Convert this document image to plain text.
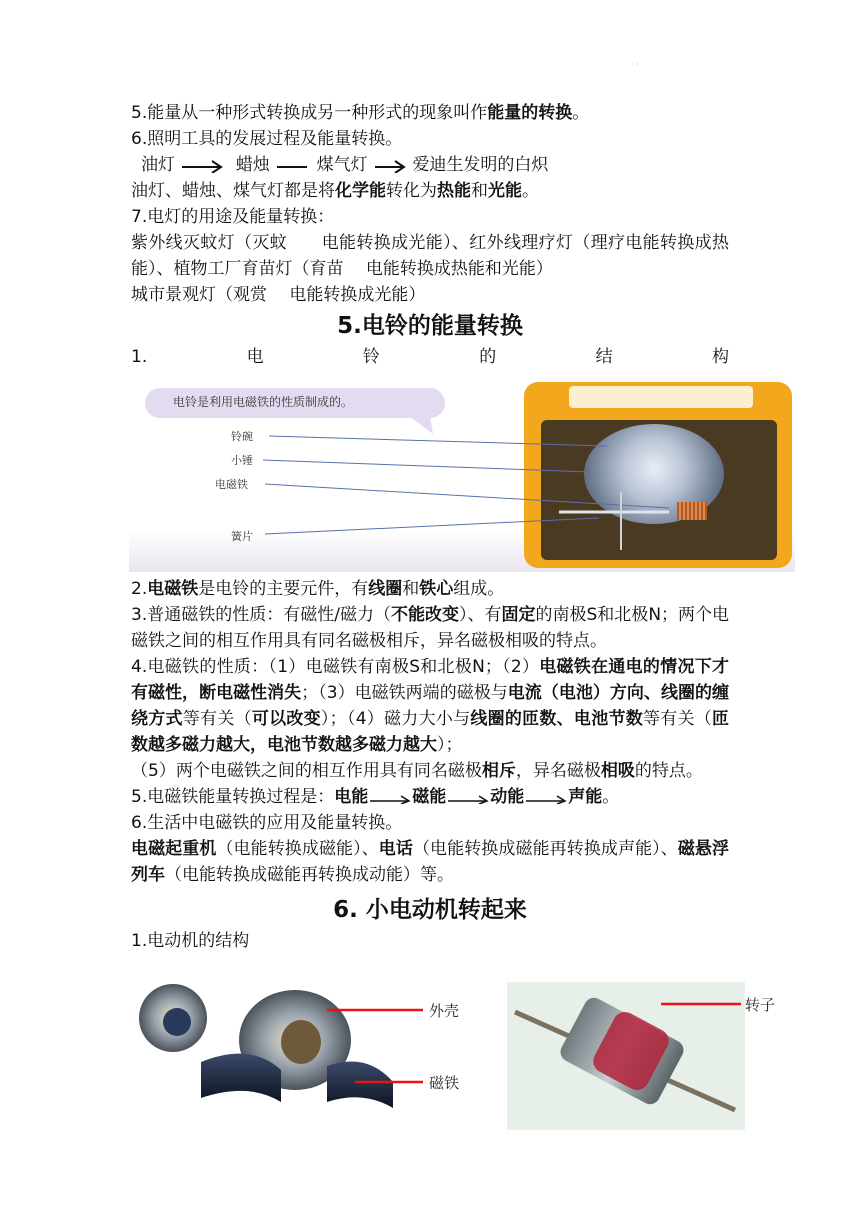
·

5.能量从一种形式转换成另一种形式的现象叫作能量的转换。

6.照明工具的发展过程及能量转换。

油灯	蜡烛	煤气灯	爱迪生发明的白炽

油灯、蜡烛、煤气灯都是将化学能转化为热能和光能。

7.电灯的用途及能量转换：

紫外线灭蚊灯（灭蚊　　电能转换成光能）、红外线理疗灯（理疗电能转换成热能）、植物工厂育苗灯（育苗　 电能转换成热能和光能）

城市景观灯（观赏　 电能转换成光能）

5.电铃的能量转换
1.	电	铃	的	结	构
电铃是利用电磁铁的性质制成的。
铃碗
小锤
电磁铁
簧片

2.电磁铁是电铃的主要元件，有线圈和铁心组成。

3.普通磁铁的性质：有磁性/磁力（不能改变）、有固定的南极S和北极N；两个电磁铁之间的相互作用具有同名磁极相斥，异名磁极相吸的特点。

4.电磁铁的性质：（1）电磁铁有南极S和北极N；（2）电磁铁在通电的情况下才有磁性，断电磁性消失；（3）电磁铁两端的磁极与电流（电池）方向、线圈的缠绕方式等有关（可以改变）；（4）磁力大小与线圈的匝数、电池节数等有关（匝数越多磁力越大，电池节数越多磁力越大）；

（5）两个电磁铁之间的相互作用具有同名磁极相斥，异名磁极相吸的特点。

5.电磁铁能量转换过程是：电能	磁能	动能	声能。

6.生活中电磁铁的应用及能量转换。

电磁起重机（电能转换成磁能）、电话（电能转换成磁能再转换成声能）、磁悬浮列车（电能转换成磁能再转换成动能）等。

6. 小电动机转起来

1.电动机的结构

外壳
磁铁
转子
